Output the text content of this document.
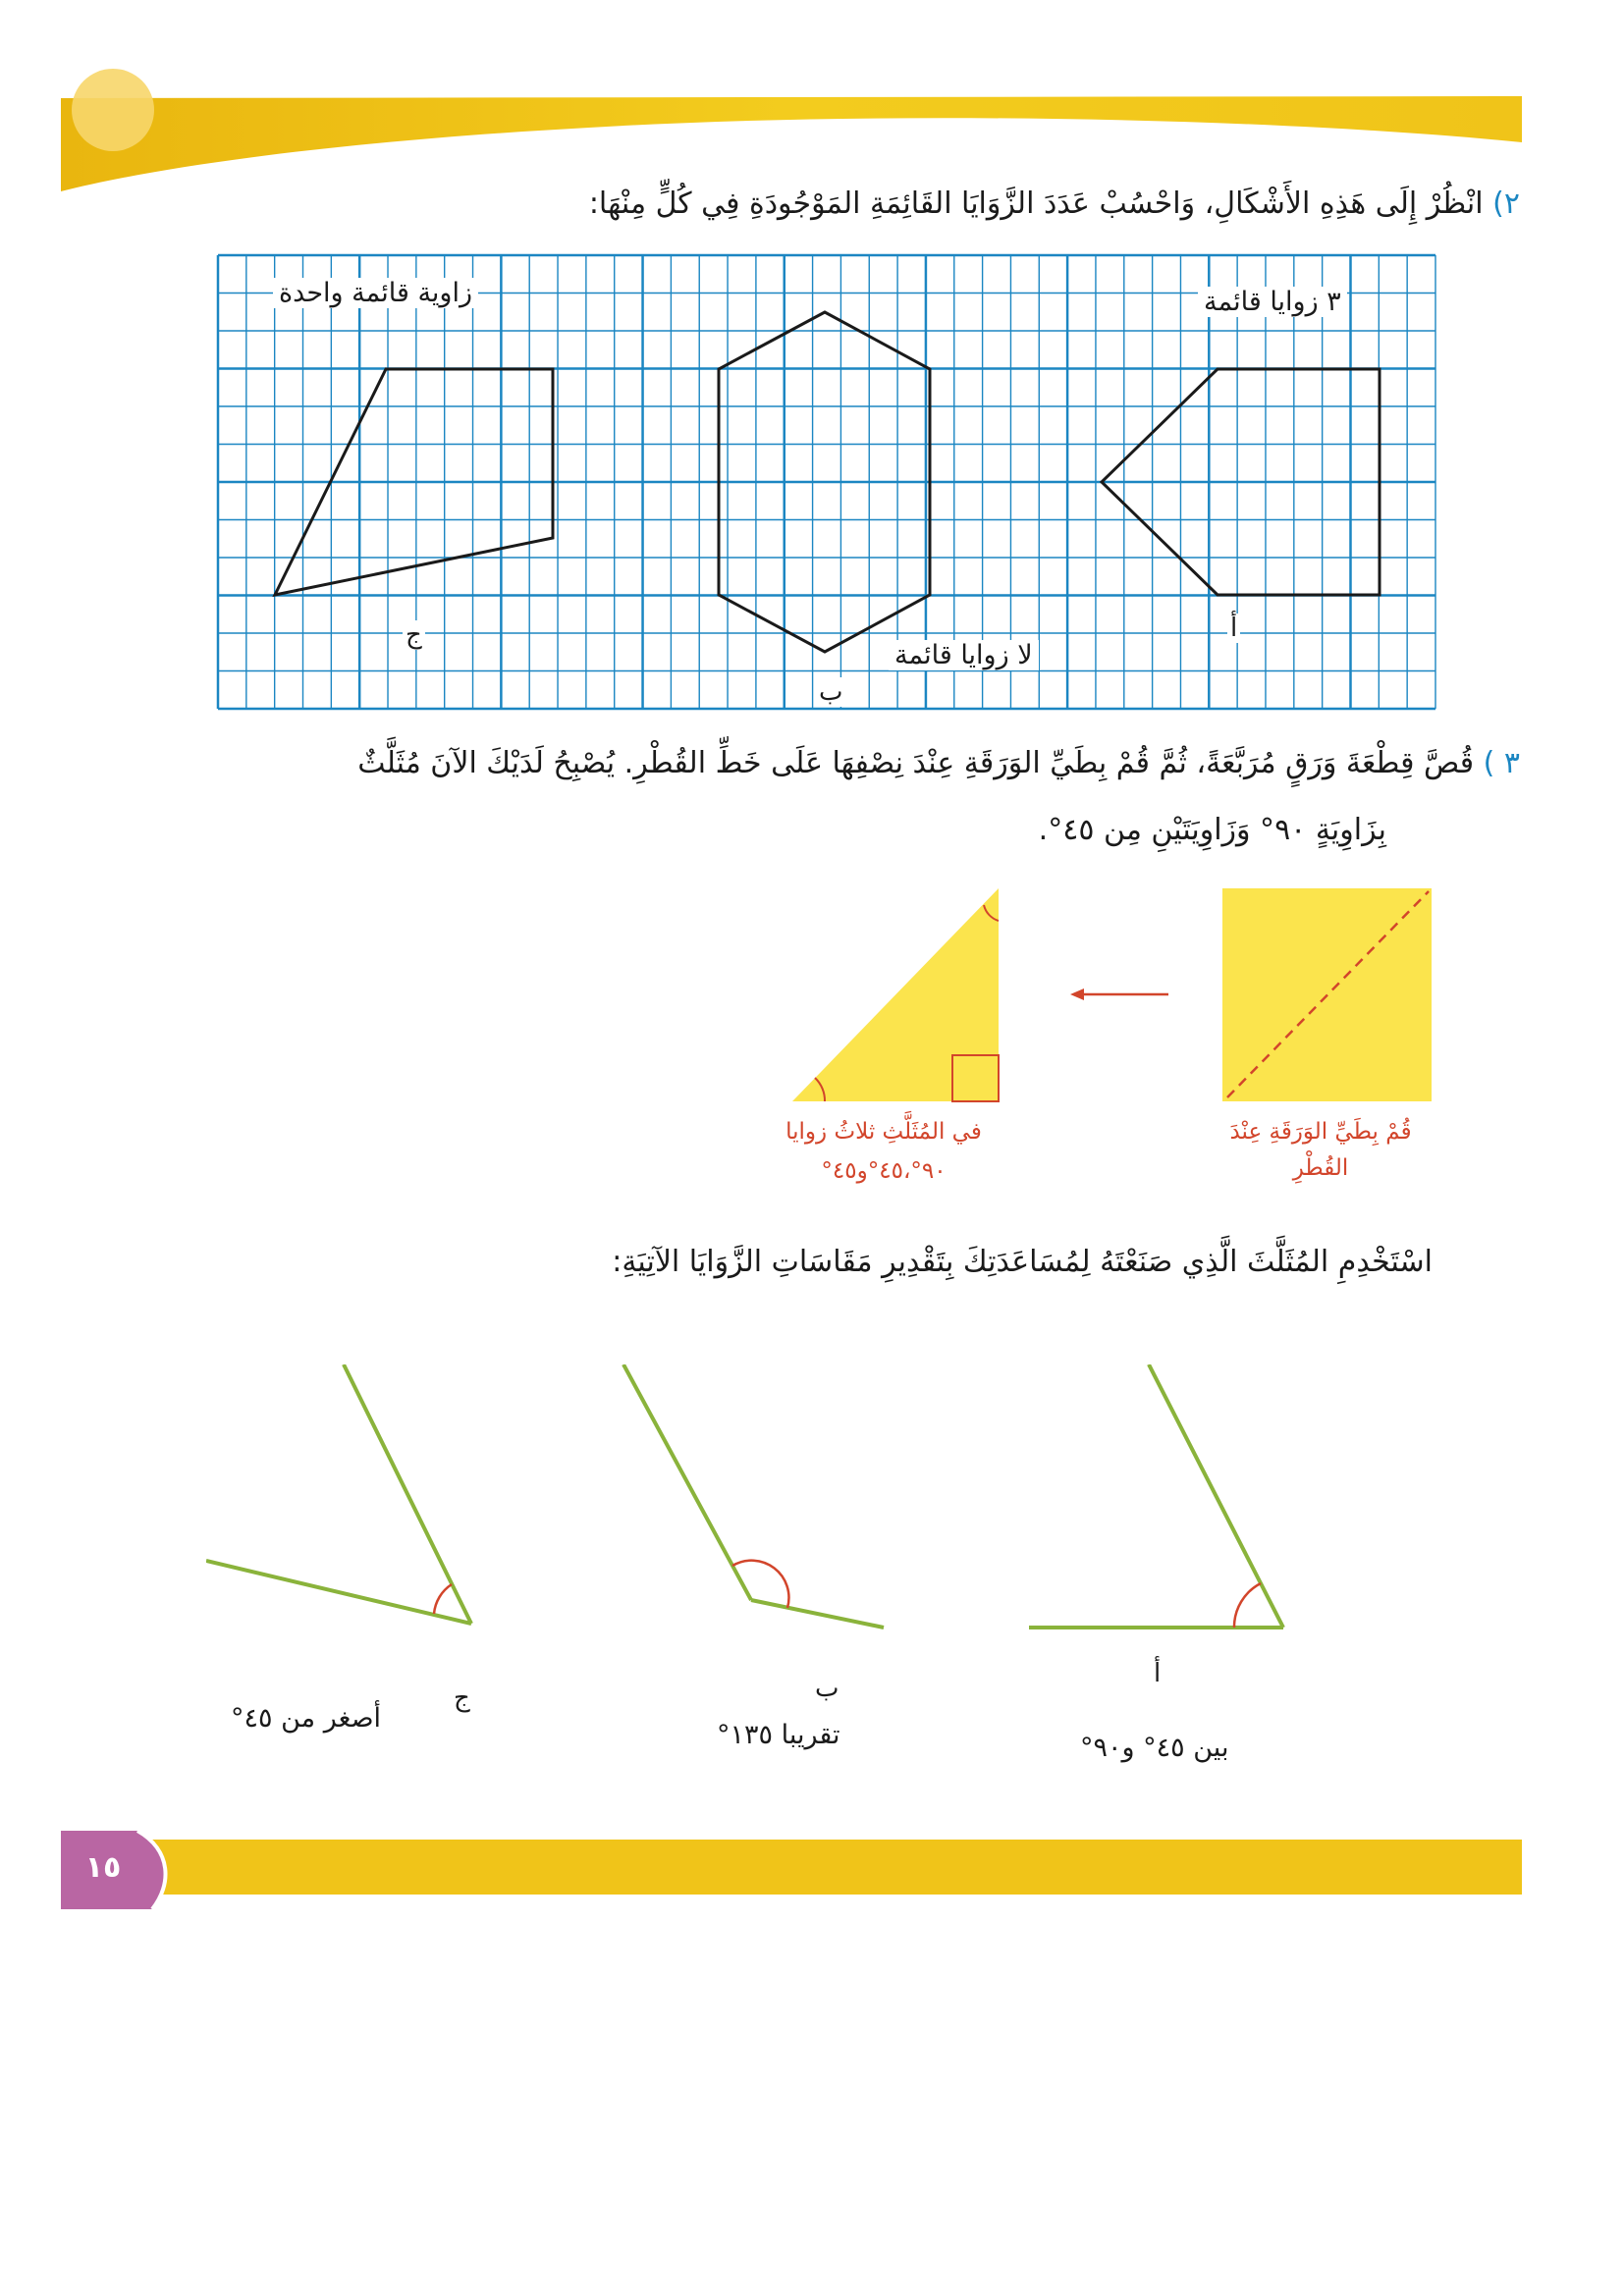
٢) انْظُرْ إِلَى هَذِهِ الأَشْكَالِ، وَاحْسُبْ عَدَدَ الزَّوَايَا القَائِمَةِ المَوْجُودَةِ فِي كُلٍّ مِنْهَا:
٣ زوايا قائمة
لا زوايا قائمة
زاوية قائمة واحدة
أ
ب
ج
٣ ) قُصَّ قِطْعَةَ وَرَقٍ مُرَبَّعَةً، ثُمَّ قُمْ بِطَيِّ الوَرَقَةِ عِنْدَ نِصْفِهَا عَلَى خَطِّ القُطْرِ. يُصْبِحُ لَدَيْكَ الآنَ مُثَلَّثٌ
بِزَاوِيَةٍ ٩٠° وَزَاوِيَتَيْنِ مِن ٤٥°.
قُمْ بِطَيِّ الوَرَقَةِ عِنْدَ القُطْرِ
في المُثَلَّثِ ثلاثُ زوايا
٩٠°،٤٥°و٤٥°
اسْتَخْدِمِ المُثَلَّثَ الَّذِي صَنَعْتَهُ لِمُسَاعَدَتِكَ بِتَقْدِيرِ مَقَاسَاتِ الزَّوَايَا الآتِيَةِ:
أ
ب
ج
بين ٤٥° و٩٠°
تقريبا ١٣٥°
أصغر من ٤٥°
١٥
